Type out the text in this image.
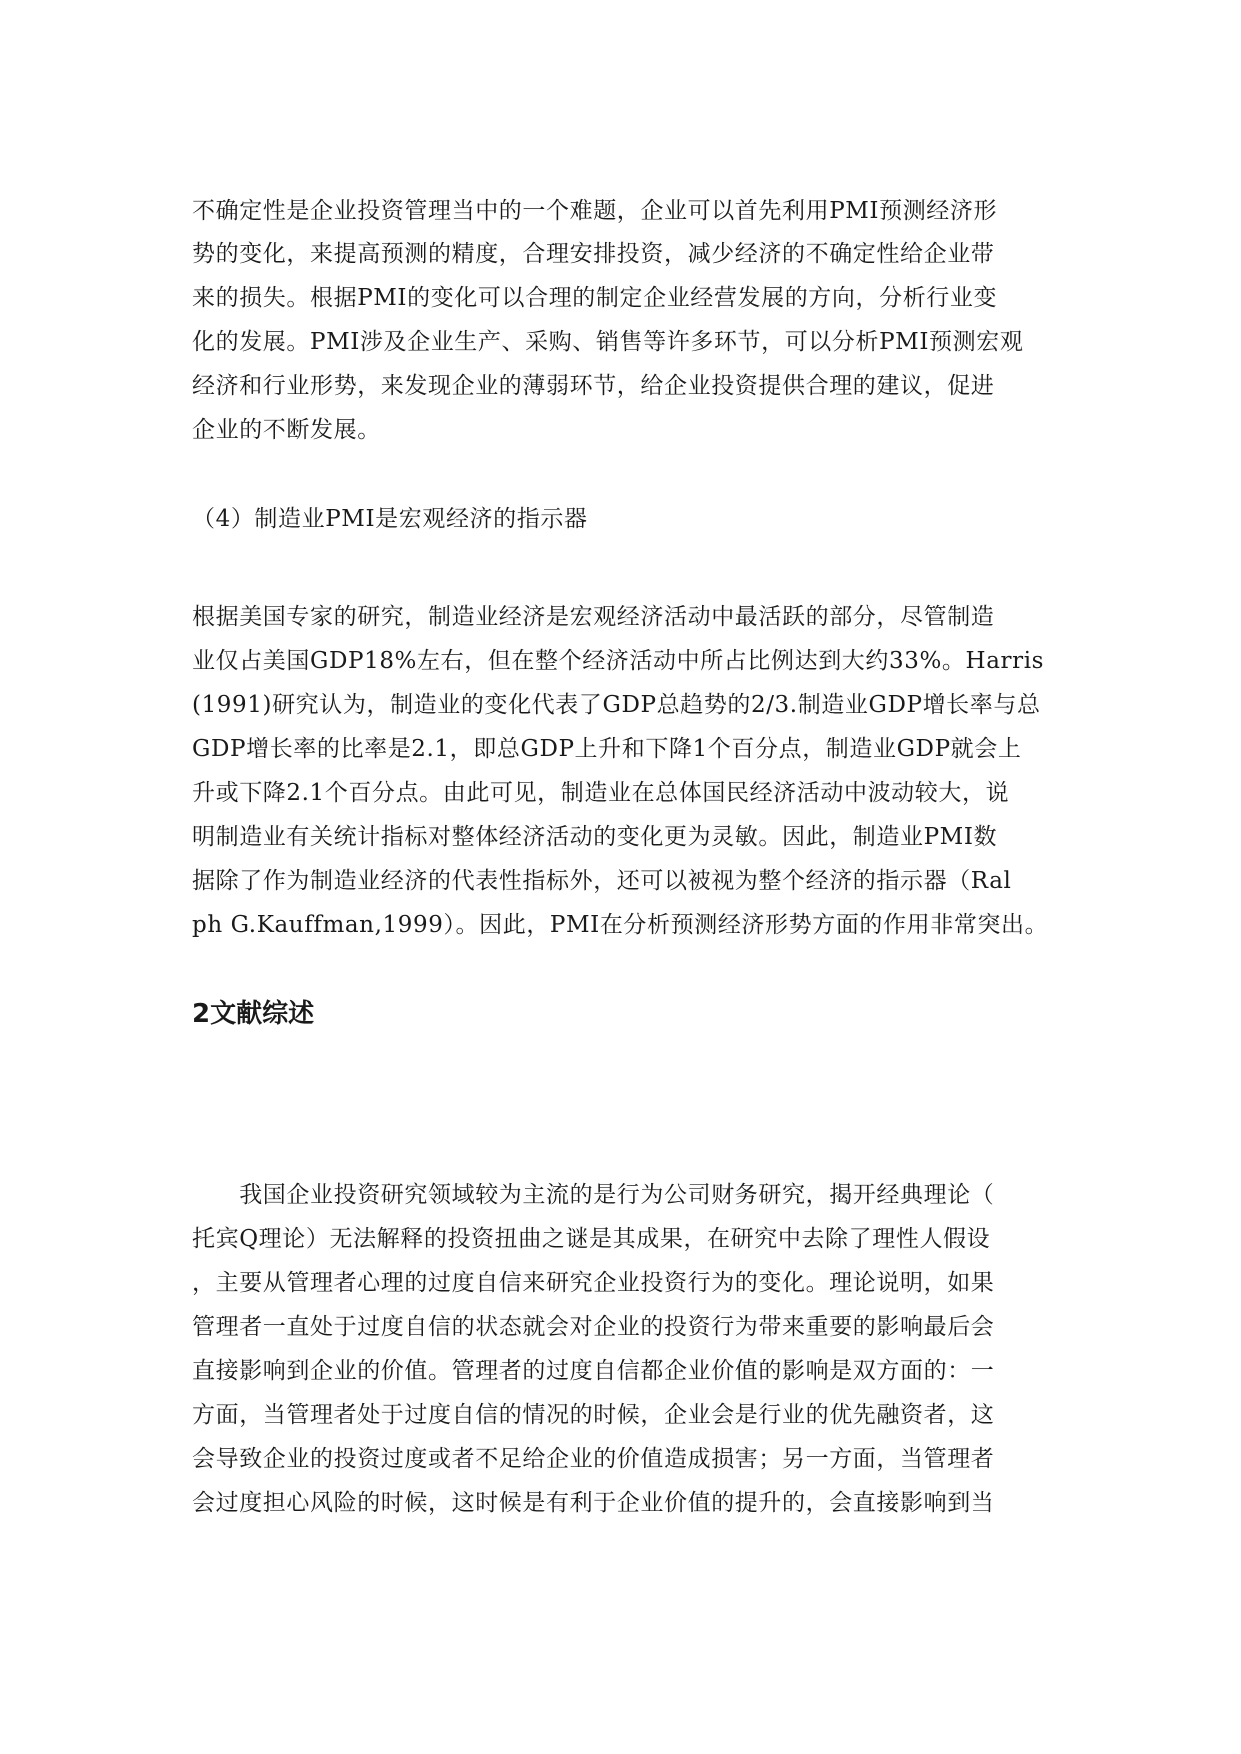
不确定性是企业投资管理当中的一个难题，企业可以首先利用PMI预测经济形
势的变化，来提高预测的精度，合理安排投资，减少经济的不确定性给企业带
来的损失。根据PMI的变化可以合理的制定企业经营发展的方向，分析行业变
化的发展。PMI涉及企业生产、采购、销售等许多环节，可以分析PMI预测宏观
经济和行业形势，来发现企业的薄弱环节，给企业投资提供合理的建议，促进
企业的不断发展。
（4）制造业PMI是宏观经济的指示器
根据美国专家的研究，制造业经济是宏观经济活动中最活跃的部分，尽管制造
业仅占美国GDP18%左右，但在整个经济活动中所占比例达到大约33%。Harris
(1991)研究认为，制造业的变化代表了GDP总趋势的2/3.制造业GDP增长率与总
GDP增长率的比率是2.1，即总GDP上升和下降1个百分点，制造业GDP就会上
升或下降2.1个百分点。由此可见，制造业在总体国民经济活动中波动较大，说
明制造业有关统计指标对整体经济活动的变化更为灵敏。因此，制造业PMI数
据除了作为制造业经济的代表性指标外，还可以被视为整个经济的指示器（Ral
ph G.Kauffman,1999）。因此，PMI在分析预测经济形势方面的作用非常突出。
2文献综述
　　我国企业投资研究领域较为主流的是行为公司财务研究，揭开经典理论（
托宾Q理论）无法解释的投资扭曲之谜是其成果，在研究中去除了理性人假设
，主要从管理者心理的过度自信来研究企业投资行为的变化。理论说明，如果
管理者一直处于过度自信的状态就会对企业的投资行为带来重要的影响最后会
直接影响到企业的价值。管理者的过度自信都企业价值的影响是双方面的：一
方面，当管理者处于过度自信的情况的时候，企业会是行业的优先融资者，这
会导致企业的投资过度或者不足给企业的价值造成损害；另一方面，当管理者
会过度担心风险的时候，这时候是有利于企业价值的提升的，会直接影响到当
